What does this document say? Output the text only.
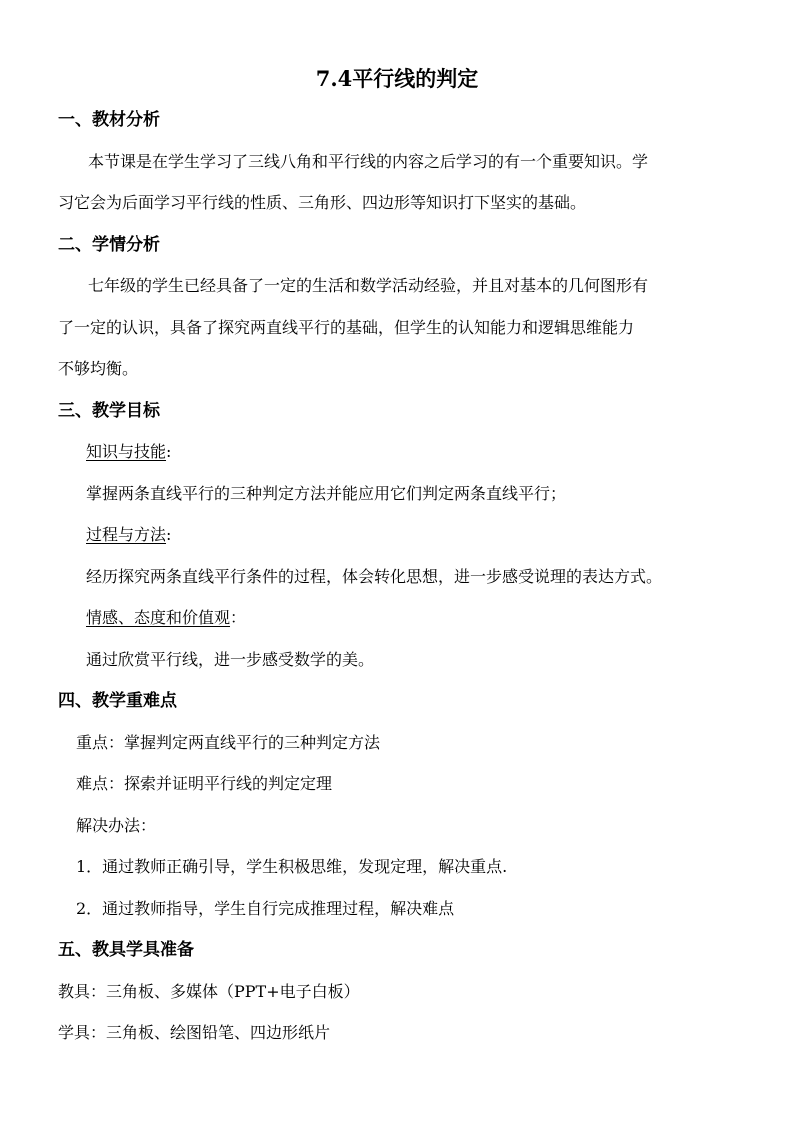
7.4平行线的判定
一、教材分析
本节课是在学生学习了三线八角和平行线的内容之后学习的有一个重要知识。学
习它会为后面学习平行线的性质、三角形、四边形等知识打下坚实的基础。
二、学情分析
七年级的学生已经具备了一定的生活和数学活动经验，并且对基本的几何图形有
了一定的认识，具备了探究两直线平行的基础，但学生的认知能力和逻辑思维能力
不够均衡。
三、教学目标
知识与技能:
掌握两条直线平行的三种判定方法并能应用它们判定两条直线平行；
过程与方法:
经历探究两条直线平行条件的过程，体会转化思想，进一步感受说理的表达方式。
情感、态度和价值观：
通过欣赏平行线，进一步感受数学的美。
四、教学重难点
重点：掌握判定两直线平行的三种判定方法
难点：探索并证明平行线的判定定理
解决办法：
1．通过教师正确引导，学生积极思维，发现定理，解决重点.
2．通过教师指导，学生自行完成推理过程，解决难点
五、教具学具准备
教具：三角板、多媒体（PPT+电子白板）
学具：三角板、绘图铅笔、四边形纸片
